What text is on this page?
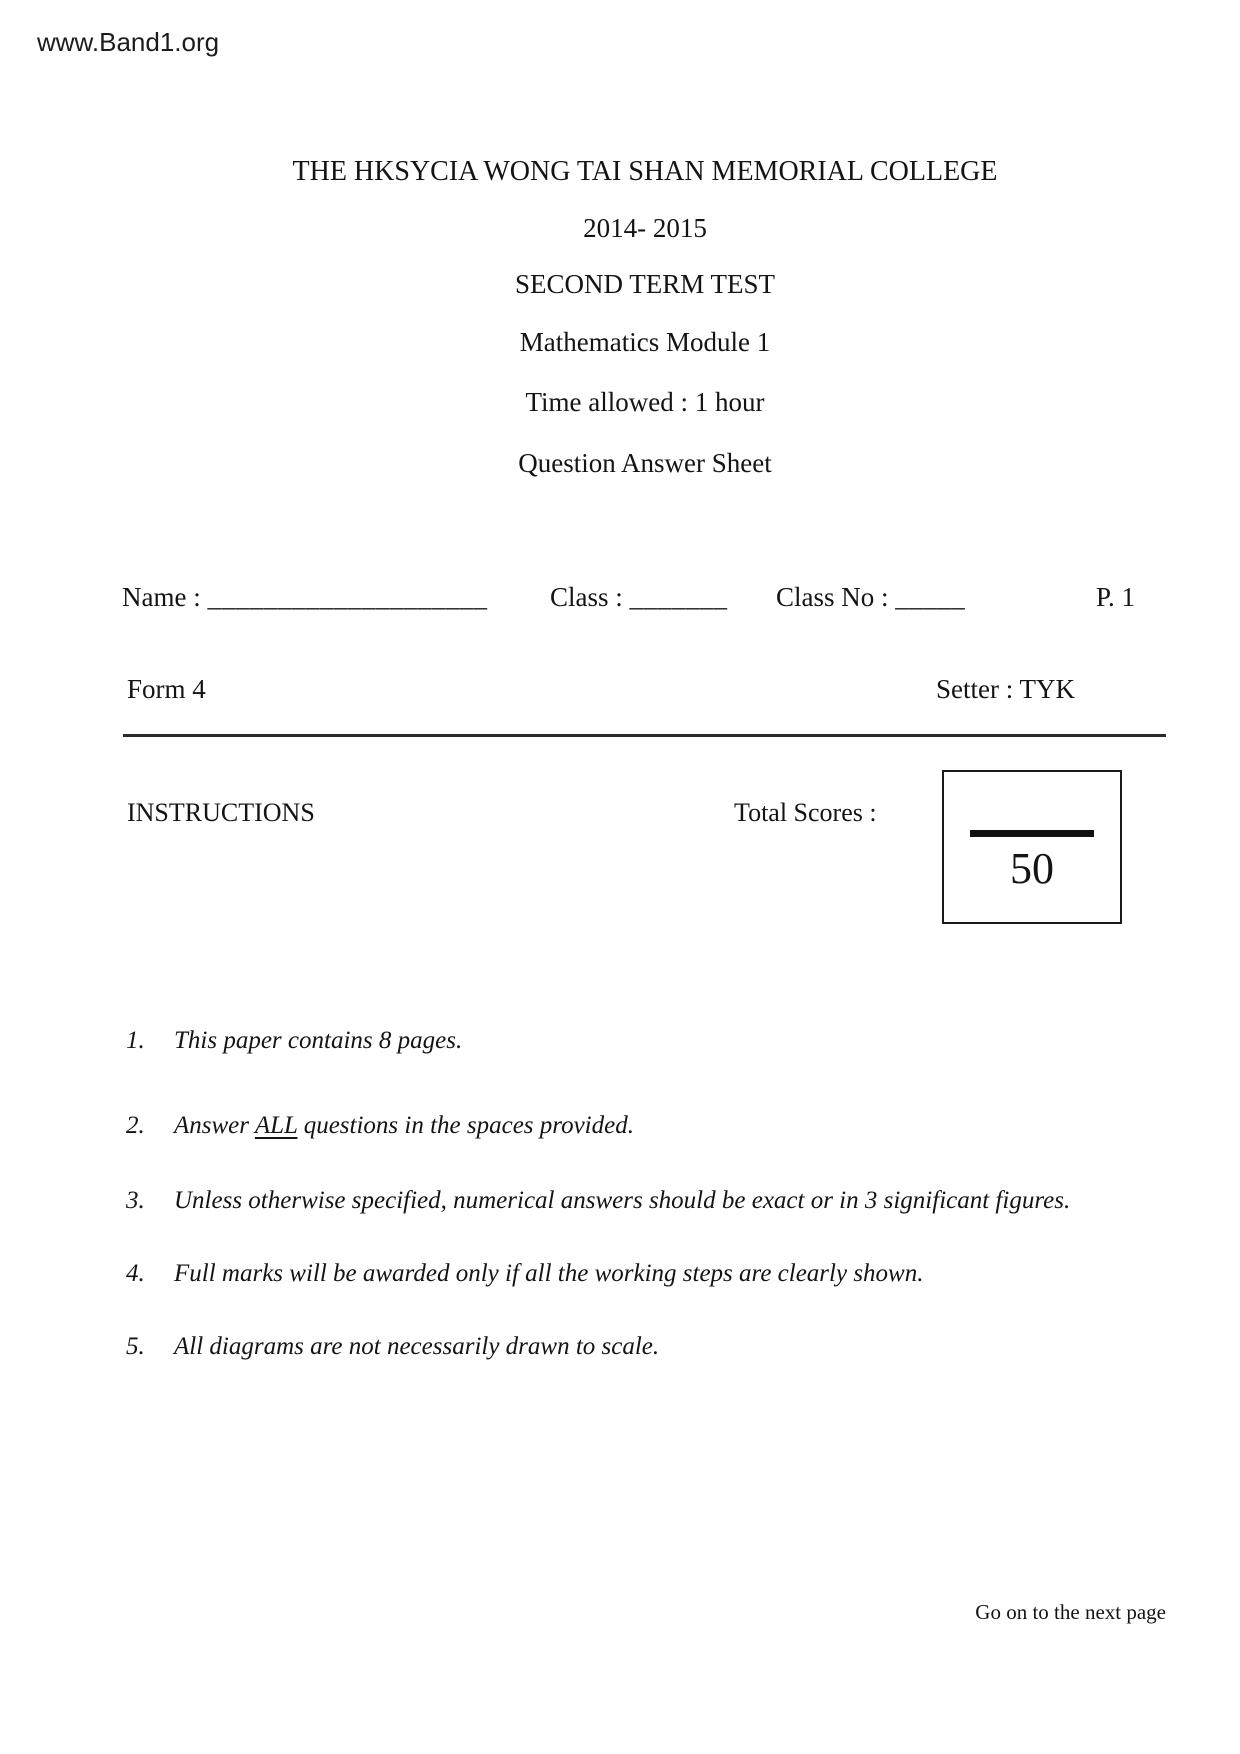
www.Band1.org
THE HKSYCIA WONG TAI SHAN MEMORIAL COLLEGE
2014- 2015
SECOND TERM TEST
Mathematics Module 1
Time allowed : 1 hour
Question Answer Sheet
Name : ____________________ Class : _______ Class No : _____	P. 1
Form 4	Setter : TYK
INSTRUCTIONS	Total Scores :
50
1. This paper contains 8 pages.
2. Answer ALL questions in the spaces provided.
3. Unless otherwise specified, numerical answers should be exact or in 3 significant figures.
4. Full marks will be awarded only if all the working steps are clearly shown.
5. All diagrams are not necessarily drawn to scale.
Go on to the next page
